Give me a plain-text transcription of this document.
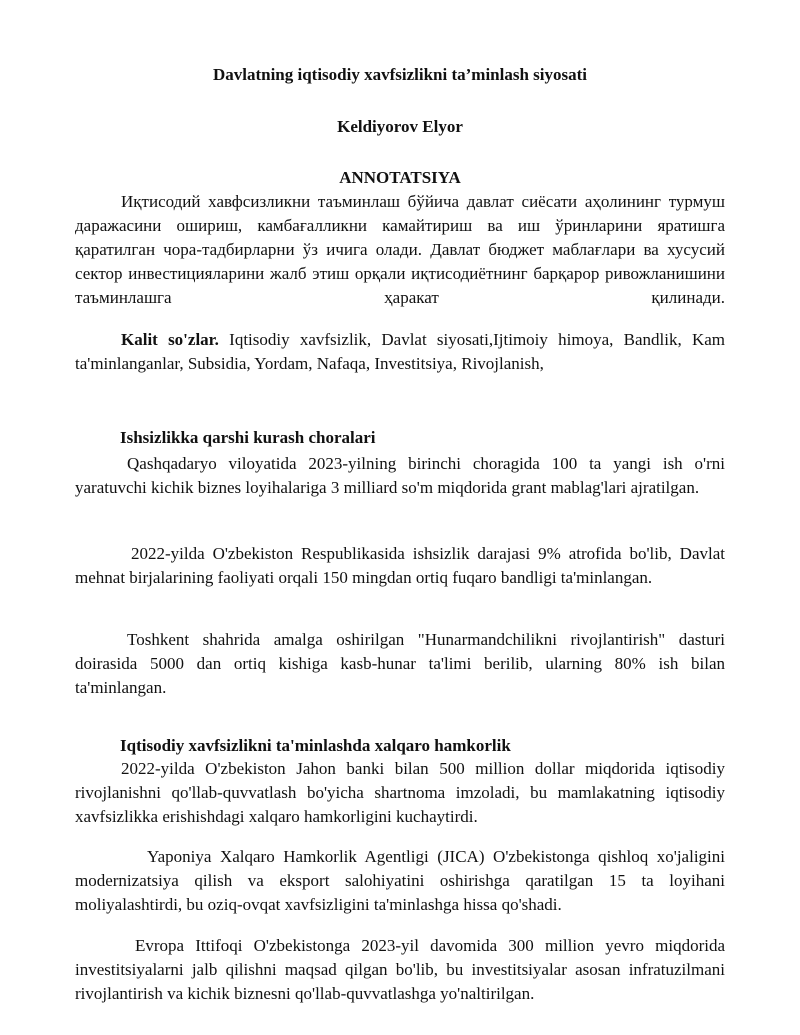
Davlatning iqtisodiy xavfsizlikni ta’minlash siyosati
Keldiyorov Elyor
ANNOTATSIYA

Иқтисодий хавфсизликни таъминлаш бўйича давлат сиёсати аҳолининг турмуш даражасини ошириш, камбағалликни камайтириш ва иш ўринларини яратишга қаратилган чора-тадбирларни ўз ичига олади. Давлат бюджет маблағлари ва хусусий сектор инвестицияларини жалб этиш орқали иқтисодиётнинг барқарор ривожланишини таъминлашга ҳаракат қилинади.

Kalit so'zlar. Iqtisodiy xavfsizlik, Davlat siyosati,Ijtimoiy himoya, Bandlik, Kam ta'minlanganlar, Subsidia, Yordam, Nafaqa, Investitsiya, Rivojlanish,

Ishsizlikka qarshi kurash choralari

Qashqadaryo viloyatida 2023-yilning birinchi choragida 100 ta yangi ish o'rni yaratuvchi kichik biznes loyihalariga 3 milliard so'm miqdorida grant mablag'lari ajratilgan.

2022-yilda O'zbekiston Respublikasida ishsizlik darajasi 9% atrofida bo'lib, Davlat mehnat birjalarining faoliyati orqali 150 mingdan ortiq fuqaro bandligi ta'minlangan.

Toshkent shahrida amalga oshirilgan "Hunarmandchilikni rivojlantirish" dasturi doirasida 5000 dan ortiq kishiga kasb-hunar ta'limi berilib, ularning 80% ish bilan ta'minlangan.

Iqtisodiy xavfsizlikni ta'minlashda xalqaro hamkorlik

2022-yilda O'zbekiston Jahon banki bilan 500 million dollar miqdorida iqtisodiy rivojlanishni qo'llab-quvvatlash bo'yicha shartnoma imzoladi, bu mamlakatning iqtisodiy xavfsizlikka erishishdagi xalqaro hamkorligini kuchaytirdi.

Yaponiya Xalqaro Hamkorlik Agentligi (JICA) O'zbekistonga qishloq xo'jaligini modernizatsiya qilish va eksport salohiyatini oshirishga qaratilgan 15 ta loyihani moliyalashtirdi, bu oziq-ovqat xavfsizligini ta'minlashga hissa qo'shadi.

Evropa Ittifoqi O'zbekistonga 2023-yil davomida 300 million yevro miqdorida investitsiyalarni jalb qilishni maqsad qilgan bo'lib, bu investitsiyalar asosan infratuzilmani rivojlantirish va kichik biznesni qo'llab-quvvatlashga yo'naltirilgan.
